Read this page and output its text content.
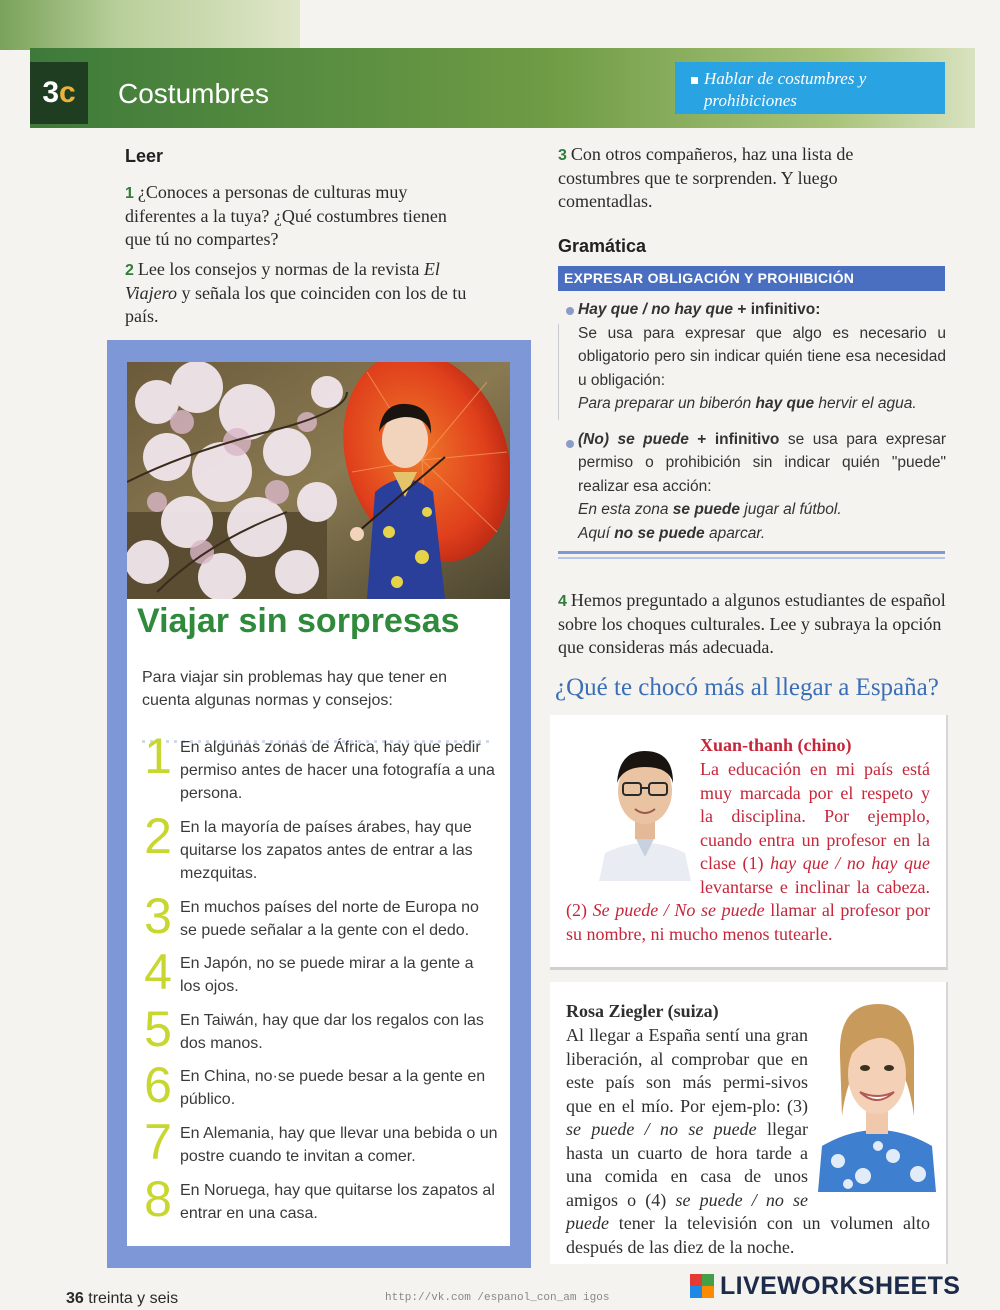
3 c Costumbres	Hablar de costumbres y
prohibiciones
Leer
1 ¿Conoces a personas de culturas muy diferentes a la tuya? ¿Qué costumbres tienen que tú no compartes?
2 Lee los consejos y normas de la revista El Viajero y señala los que coinciden con los de tu país.
Viajar sin sorpresas
Para viajar sin problemas hay que tener en cuenta algunas normas y consejos:
1 En algunas zonas de África, hay que pedir permiso antes de hacer una fotografía a una persona.
2 En la mayoría de países árabes, hay que quitarse los zapatos antes de entrar a las mezquitas.
3 En muchos países del norte de Europa no se puede señalar a la gente con el dedo.
4 En Japón, no se puede mirar a la gente a los ojos.
5 En Taiwán, hay que dar los regalos con las dos manos.
6 En China, no·se puede besar a la gente en público.
7 En Alemania, hay que llevar una bebida o un postre cuando te invitan a comer.
8 En Noruega, hay que quitarse los zapatos al entrar en una casa.
3 Con otros compañeros, haz una lista de costumbres que te sorprenden. Y luego comentadlas.
Gramática
EXPRESAR OBLIGACIÓN Y PROHIBICIÓN
Hay que / no hay que + infinitivo:
Se usa para expresar que algo es necesario u obligatorio pero sin indicar quién tiene esa necesidad u obligación:
Para preparar un biberón hay que hervir el agua.
(No) se puede + infinitivo se usa para expresar permiso o prohibición sin indicar quién "puede" realizar esa acción:
En esta zona se puede jugar al fútbol.
Aquí no se puede aparcar.
4 Hemos preguntado a algunos estudiantes de español sobre los choques culturales. Lee y subraya la opción que consideras más adecuada.
¿Qué te chocó más al llegar a España?
Xuan-thanh (chino)
La educación en mi país está muy marcada por el respeto y la disciplina. Por ejemplo, cuando entra un profesor en la clase (1) hay que / no hay que levantarse e inclinar la cabeza. (2) Se puede / No se puede llamar al profesor por su nombre, ni mucho menos tutearle.
Rosa Ziegler (suiza)
Al llegar a España sentí una gran liberación, al comprobar que en este país son más permi-sivos que en el mío. Por ejem-plo: (3) se puede / no se puede llegar hasta un cuarto de hora tarde a una comida en casa de unos amigos o (4) se puede / no se puede tener la televisión con un volumen alto después de las diez de la noche.
36 treinta y seis	http://vk.com /espanol_con_am igos	LIVEWORKSHEETS
